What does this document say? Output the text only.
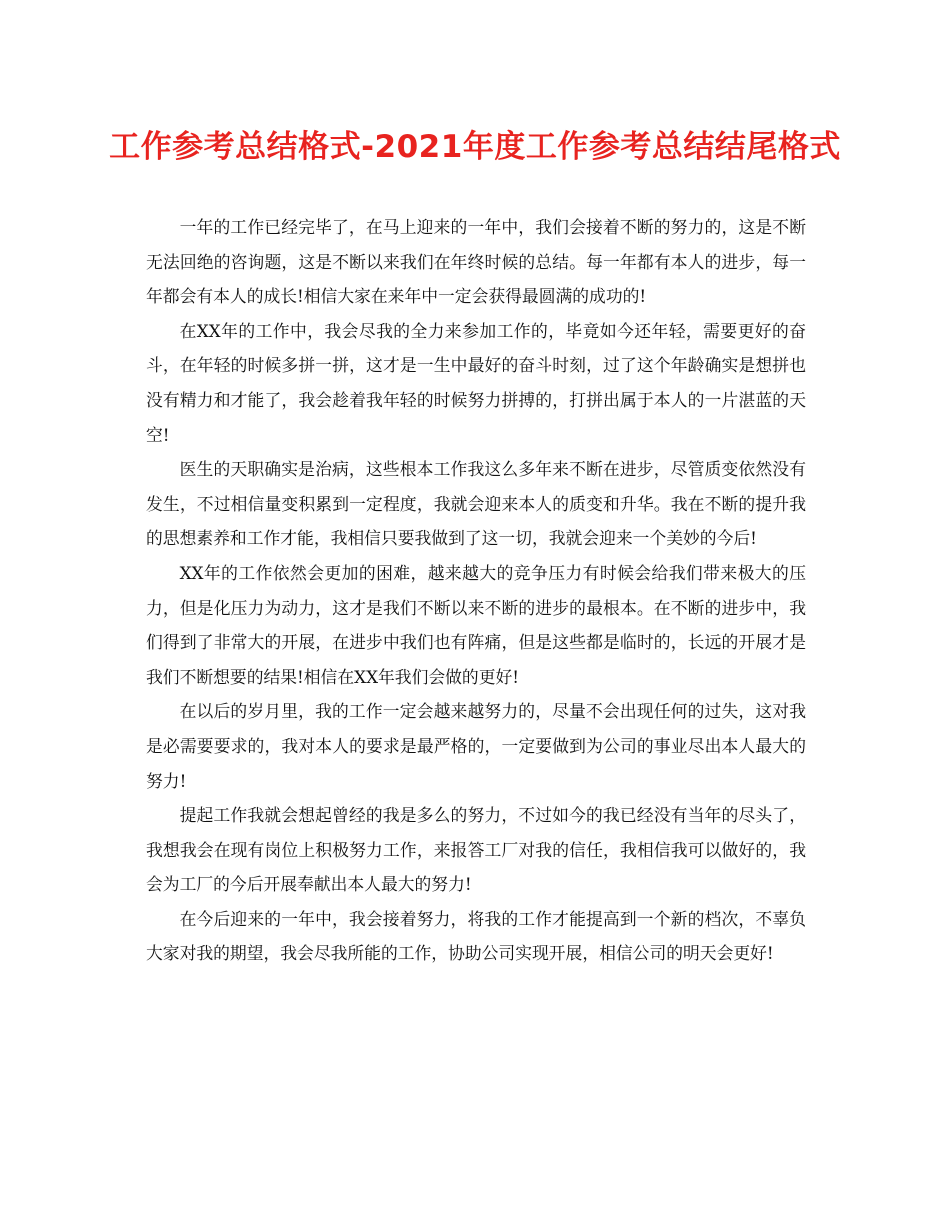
工作参考总结格式-2021年度工作参考总结结尾格式

一年的工作已经完毕了，在马上迎来的一年中，我们会接着不断的努力的，这是不断无法回绝的咨询题，这是不断以来我们在年终时候的总结。每一年都有本人的进步，每一年都会有本人的成长!相信大家在来年中一定会获得最圆满的成功的!

在XX年的工作中，我会尽我的全力来参加工作的，毕竟如今还年轻，需要更好的奋斗，在年轻的时候多拼一拼，这才是一生中最好的奋斗时刻，过了这个年龄确实是想拼也没有精力和才能了，我会趁着我年轻的时候努力拼搏的，打拼出属于本人的一片湛蓝的天空!

医生的天职确实是治病，这些根本工作我这么多年来不断在进步，尽管质变依然没有发生，不过相信量变积累到一定程度，我就会迎来本人的质变和升华。我在不断的提升我的思想素养和工作才能，我相信只要我做到了这一切，我就会迎来一个美妙的今后!

XX年的工作依然会更加的困难，越来越大的竞争压力有时候会给我们带来极大的压力，但是化压力为动力，这才是我们不断以来不断的进步的最根本。在不断的进步中，我们得到了非常大的开展，在进步中我们也有阵痛，但是这些都是临时的，长远的开展才是我们不断想要的结果!相信在XX年我们会做的更好!

在以后的岁月里，我的工作一定会越来越努力的，尽量不会出现任何的过失，这对我是必需要要求的，我对本人的要求是最严格的，一定要做到为公司的事业尽出本人最大的努力!

提起工作我就会想起曾经的我是多么的努力，不过如今的我已经没有当年的尽头了，我想我会在现有岗位上积极努力工作，来报答工厂对我的信任，我相信我可以做好的，我会为工厂的今后开展奉献出本人最大的努力!

在今后迎来的一年中，我会接着努力，将我的工作才能提高到一个新的档次，不辜负大家对我的期望，我会尽我所能的工作，协助公司实现开展，相信公司的明天会更好!
